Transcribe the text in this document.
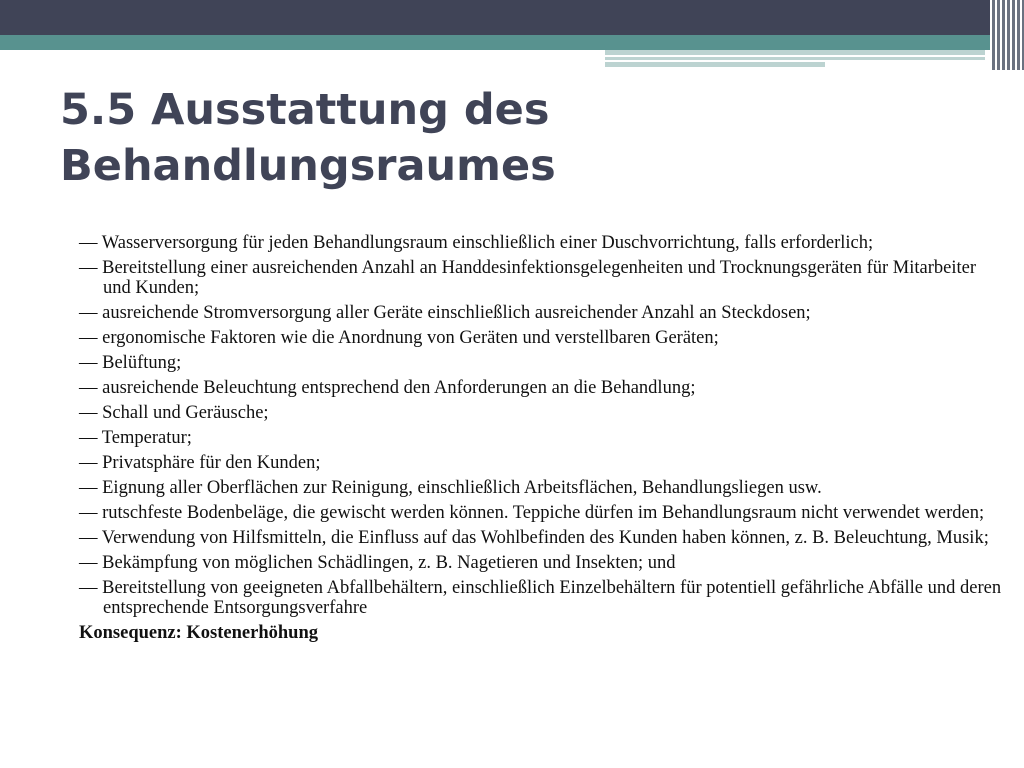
5.5 Ausstattung des
Behandlungsraumes
— Wasserversorgung für jeden Behandlungsraum einschließlich einer Duschvorrichtung, falls erforderlich;
— Bereitstellung einer ausreichenden Anzahl an Handdesinfektionsgelegenheiten und Trocknungsgeräten für Mitarbeiter und Kunden;
— ausreichende Stromversorgung aller Geräte einschließlich ausreichender Anzahl an Steckdosen;
— ergonomische Faktoren wie die Anordnung von Geräten und verstellbaren Geräten;
— Belüftung;
— ausreichende Beleuchtung entsprechend den Anforderungen an die Behandlung;
— Schall und Geräusche;
— Temperatur;
— Privatsphäre für den Kunden;
— Eignung aller Oberflächen zur Reinigung, einschließlich Arbeitsflächen, Behandlungsliegen usw.
— rutschfeste Bodenbeläge, die gewischt werden können. Teppiche dürfen im Behandlungsraum nicht verwendet werden;
— Verwendung von Hilfsmitteln, die Einfluss auf das Wohlbefinden des Kunden haben können, z. B. Beleuchtung, Musik;
— Bekämpfung von möglichen Schädlingen, z. B. Nagetieren und Insekten; und
— Bereitstellung von geeigneten Abfallbehältern, einschließlich Einzelbehältern für potentiell gefährliche Abfälle und deren entsprechende Entsorgungsverfahre
Konsequenz: Kostenerhöhung
